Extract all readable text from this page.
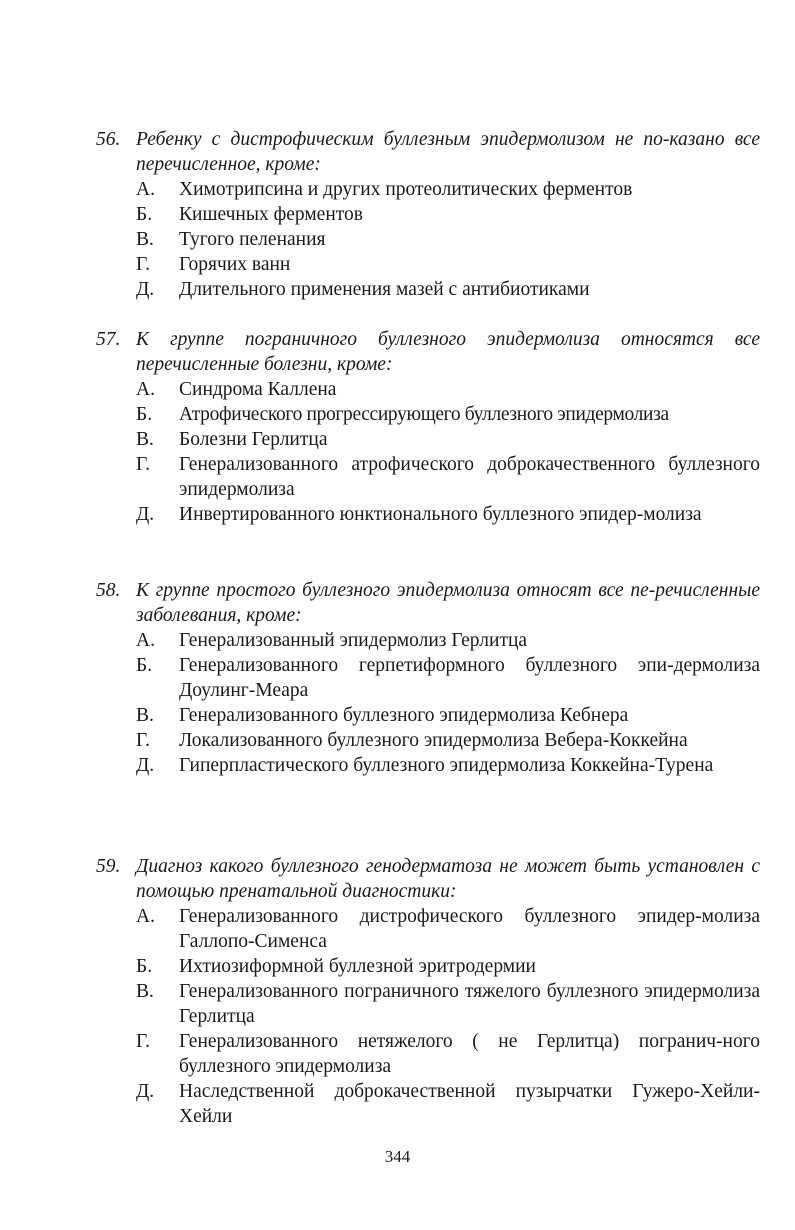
56. Ребенку с дистрофическим буллезным эпидермолизом не по-казано все перечисленное, кроме:
А.	Химотрипсина и других протеолитических ферментов
Б.	Кишечных ферментов
В.	Тугого пеленания
Г.	Горячих ванн
Д.	Длительного применения мазей с антибиотиками
57. К группе пограничного буллезного эпидермолиза относятся все перечисленные болезни, кроме:
А.	Синдрома Каллена
Б.	Атрофического прогрессирующего буллезного эпидермолиза
В.	Болезни Герлитца
Г.	Генерализованного атрофического доброкачественного буллезного эпидермолиза
Д.	Инвертированного юнктионального буллезного эпидер-молиза
58. К группе простого буллезного эпидермолиза относят все пе-речисленные заболевания, кроме:
А.	Генерализованный эпидермолиз Герлитца
Б.	Генерализованного герпетиформного буллезного эпи-дермолиза Доулинг-Меара
В.	Генерализованного буллезного эпидермолиза Кебнера
Г.	Локализованного буллезного эпидермолиза Вебера-Коккейна
Д.	Гиперпластического буллезного эпидермолиза Коккейна-Турена
59. Диагноз какого буллезного генодерматоза не может быть установлен с помощью пренатальной диагностики:
А.	Генерализованного дистрофического буллезного эпидер-молиза Галлопо-Сименса
Б.	Ихтиозиформной буллезной эритродермии
В.	Генерализованного пограничного тяжелого буллезного эпидермолиза Герлитца
Г.	Генерализованного нетяжелого ( не Герлитца) погранич-ного буллезного эпидермолиза
Д.	Наследственной доброкачественной пузырчатки Гужеро-Хейли-Хейли
344
